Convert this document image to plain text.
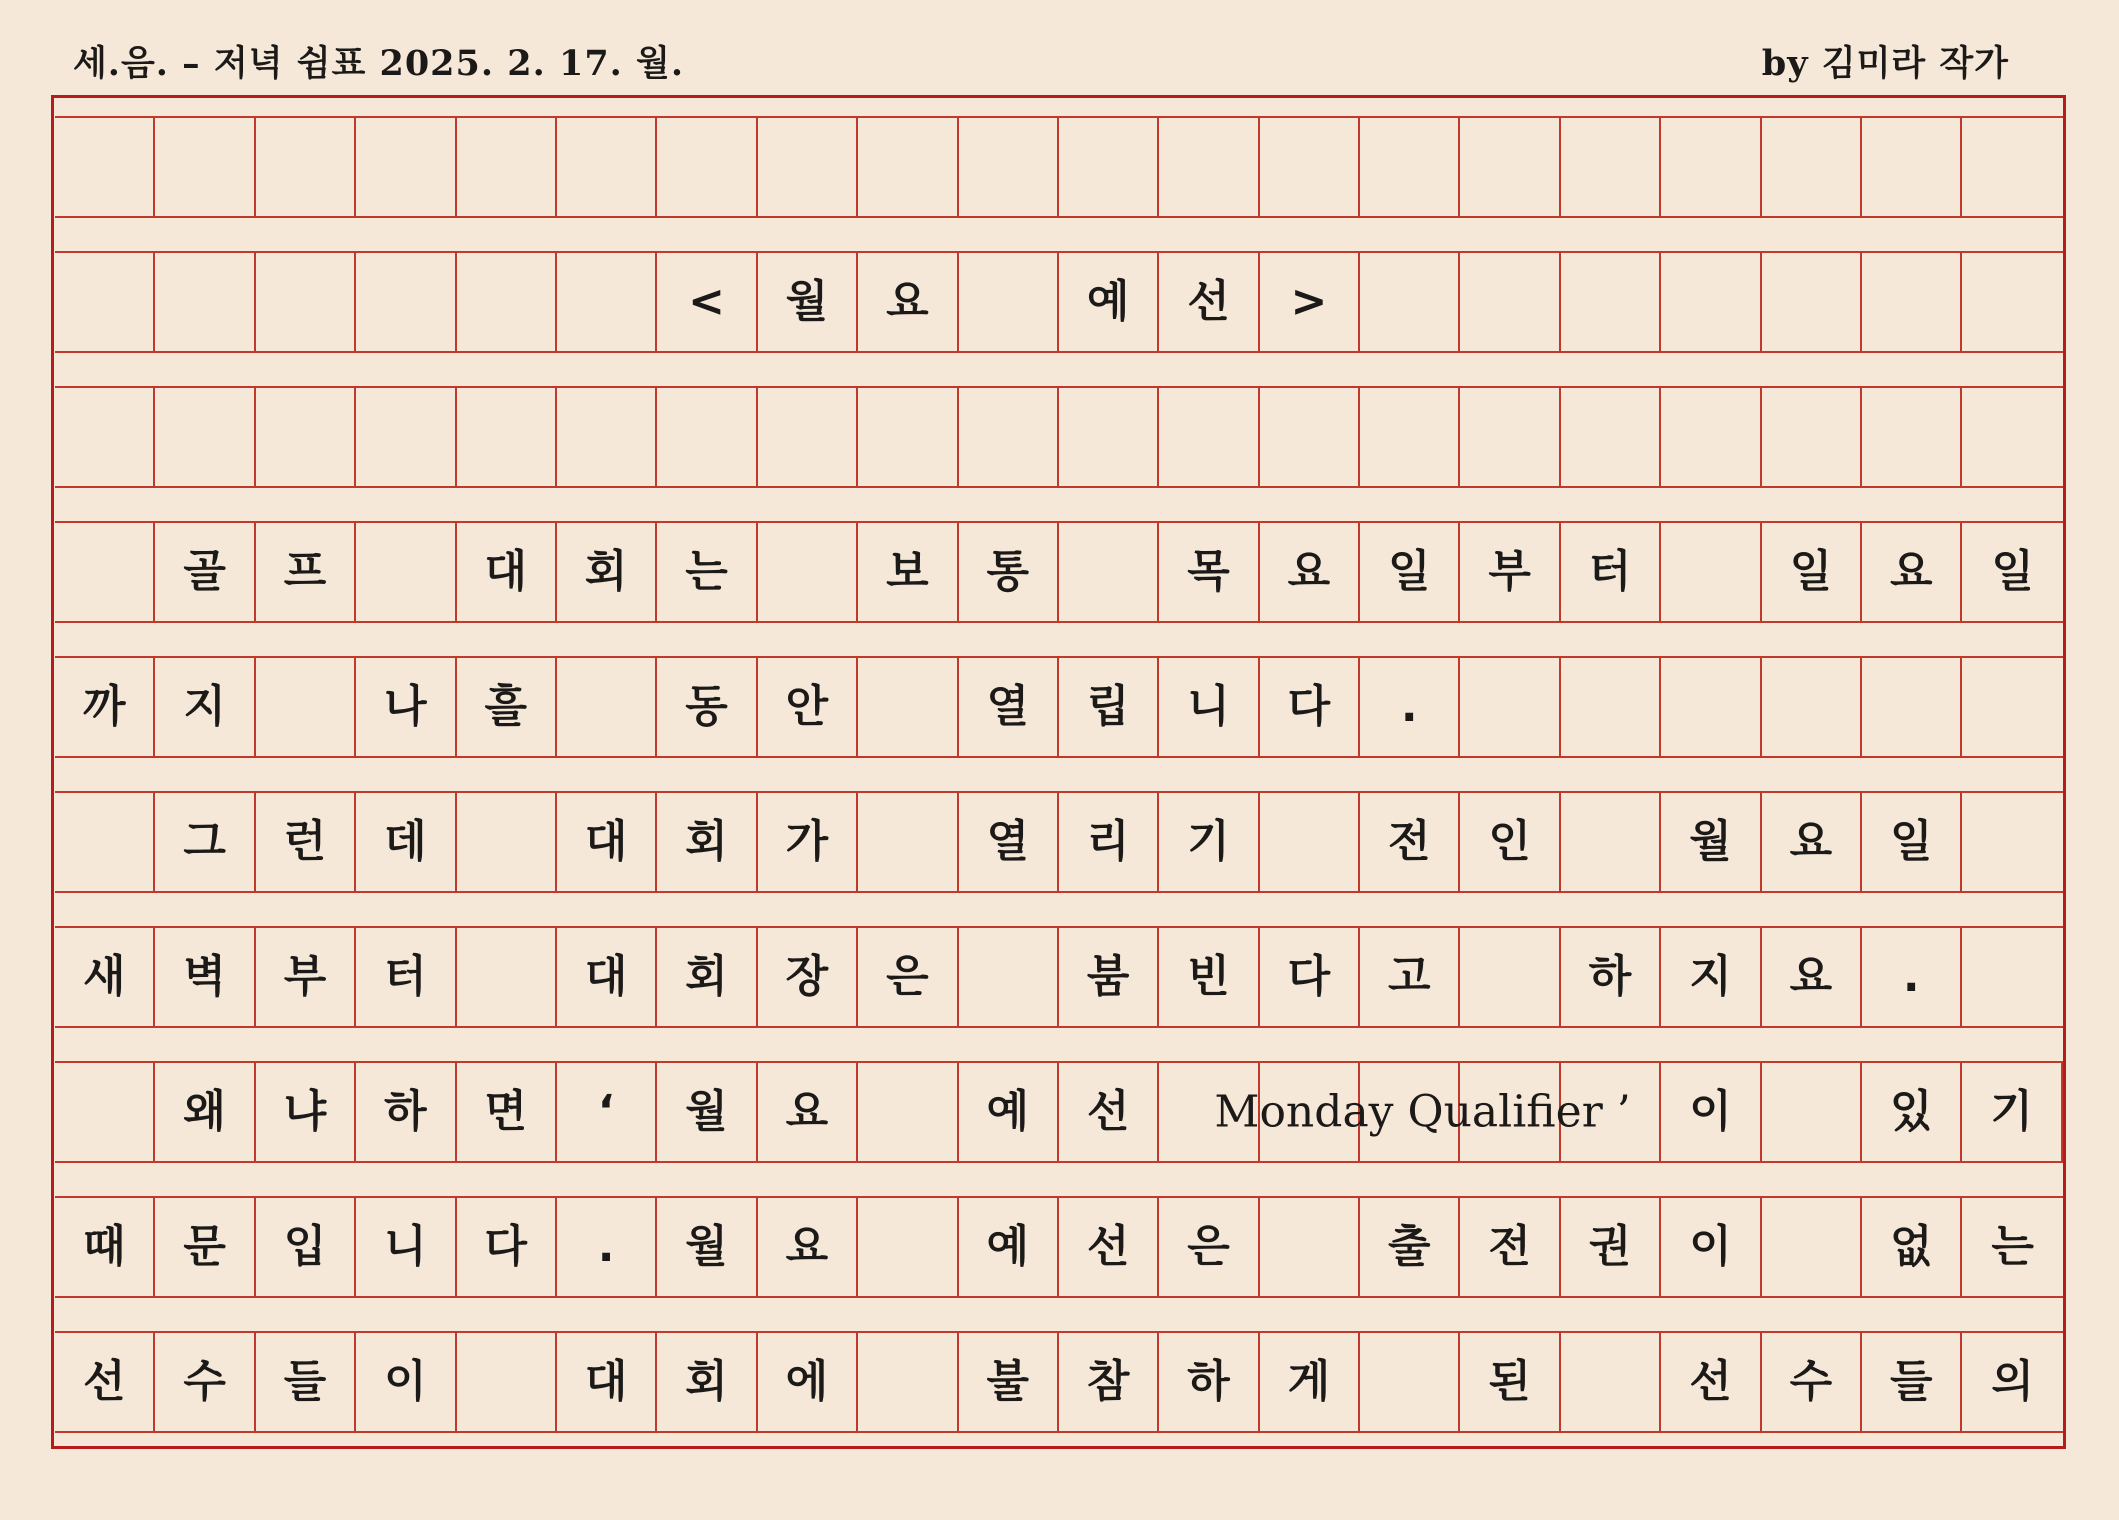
세.음. – 저녁 쉼표 2025. 2. 17. 월.	by 김미라 작가
<	월	요	예	선	>
골	프	대	회	는	보	통	목	요	일	부	터	일	요	일
까	지	나	흘	동	안	열	립	니	다	.
그	런	데	대	회	가	열	리	기	전	인	월	요	일
새	벽	부	터	대	회	장	은	붐	빈	다	고	하	지	요	.
왜	냐	하	면	‘	월	요	예	선	이	있	기
Monday Qualifier ’
때	문	입	니	다	.	월	요	예	선	은	출	전	권	이	없	는
선	수	들	이	대	회	에	불	참	하	게	된	선	수	들	의
